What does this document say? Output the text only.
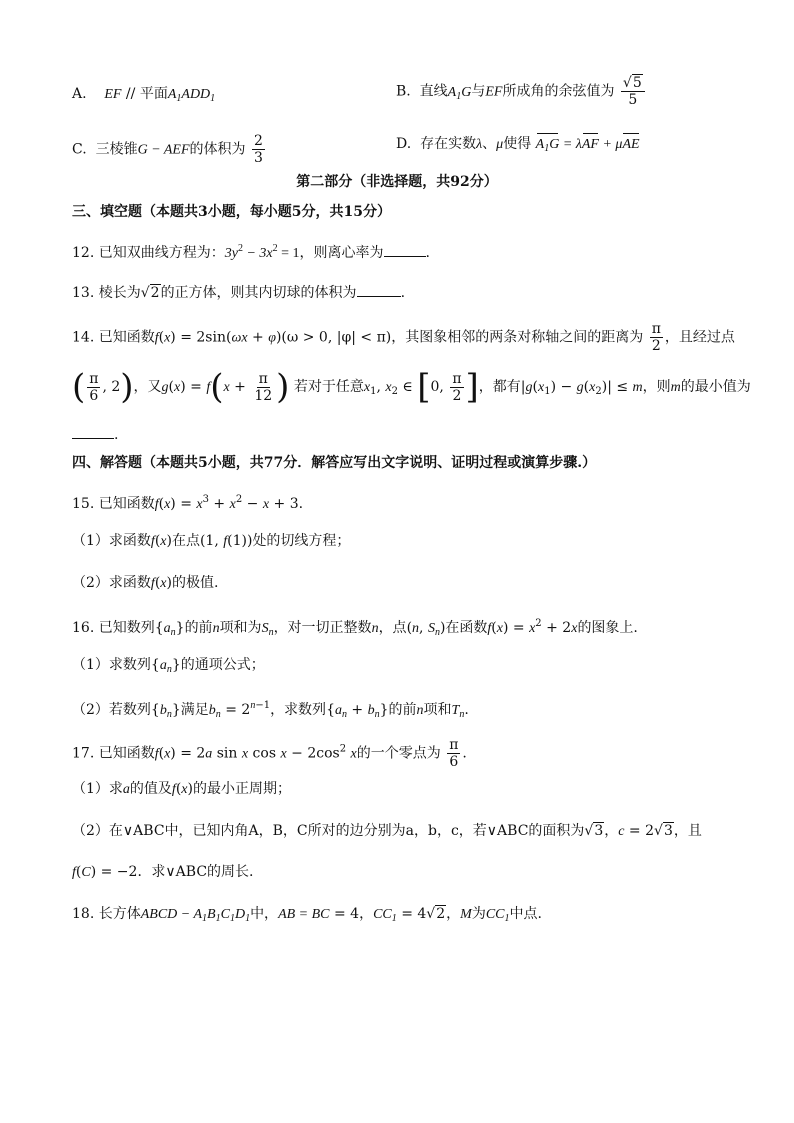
A. EF // 平面$A_1ADD_1$	B. 直线$A_1G$与EF所成角的余弦值为 $\frac{√5}{5}$
C. 三棱锥G − AEF的体积为 $\frac{2}{3}$	D. 存在实数λ、μ使得 $A_1G = \lambda AF + \mu AE$
第二部分（非选择题，共92分）
三、填空题（本题共3小题，每小题5分，共15分）
12. 已知双曲线方程为：$3y^2 - 3x^2 = 1$，则离心率为	.
13. 棱长为√2的正方体，则其内切球的体积为	.
14. 已知函数f(x) = 2sin(ωx + φ)(ω > 0, |φ| < π)，其图象相邻的两条对称轴之间的距离为 $\frac{\pi}{2}$ ，且经过点
( $\frac{\pi}{6}$ , 2)，又$g(x) = f(x + \frac{\pi}{12}$ ) 若对于任意$x_1$, $x_2$ ∈ [0, $\frac{\pi}{2}$ ]，都有$|g(x_1) - g(x_2)| \le m$，则m的最小值为
.
四、解答题（本题共5小题，共77分．解答应写出文字说明、证明过程或演算步骤.）
15. 已知函数$f(x) = x^3 + x^2 - x + 3$.
（1）求函数f(x)在点(1, f(1))处的切线方程；
（2）求函数f(x)的极值.
16. 已知数列$\{a_n\}$的前n项和为$S_n$，对一切正整数n，点(n, $S_n$)在函数$f(x) = x^2 + 2x$的图象上.
（1）求数列$\{a_n\}$的通项公式；
（2）若数列$\{b_n\}$满足$b_n = 2^{n-1}$，求数列$\{a_n + b_n\}$的前n项和$T_n$.
17. 已知函数f(x) = 2a sin x $\cos x - 2\cos^2$ x的一个零点为 $\frac{\pi}{6}$ .
（1）求a的值及f(x)的最小正周期；
（2）在∨ABC中，已知内角A，B，C所对的边分别为a，b，c，若∨ABC的面积为√3，c = 2√3，且
f(C) = −2．求∨ABC的周长.
18. 长方体ABCD − $A_1B_1C_1D_1$中，AB = BC = 4，$CC_1 = 4√2$，M为$CC_1$中点.
